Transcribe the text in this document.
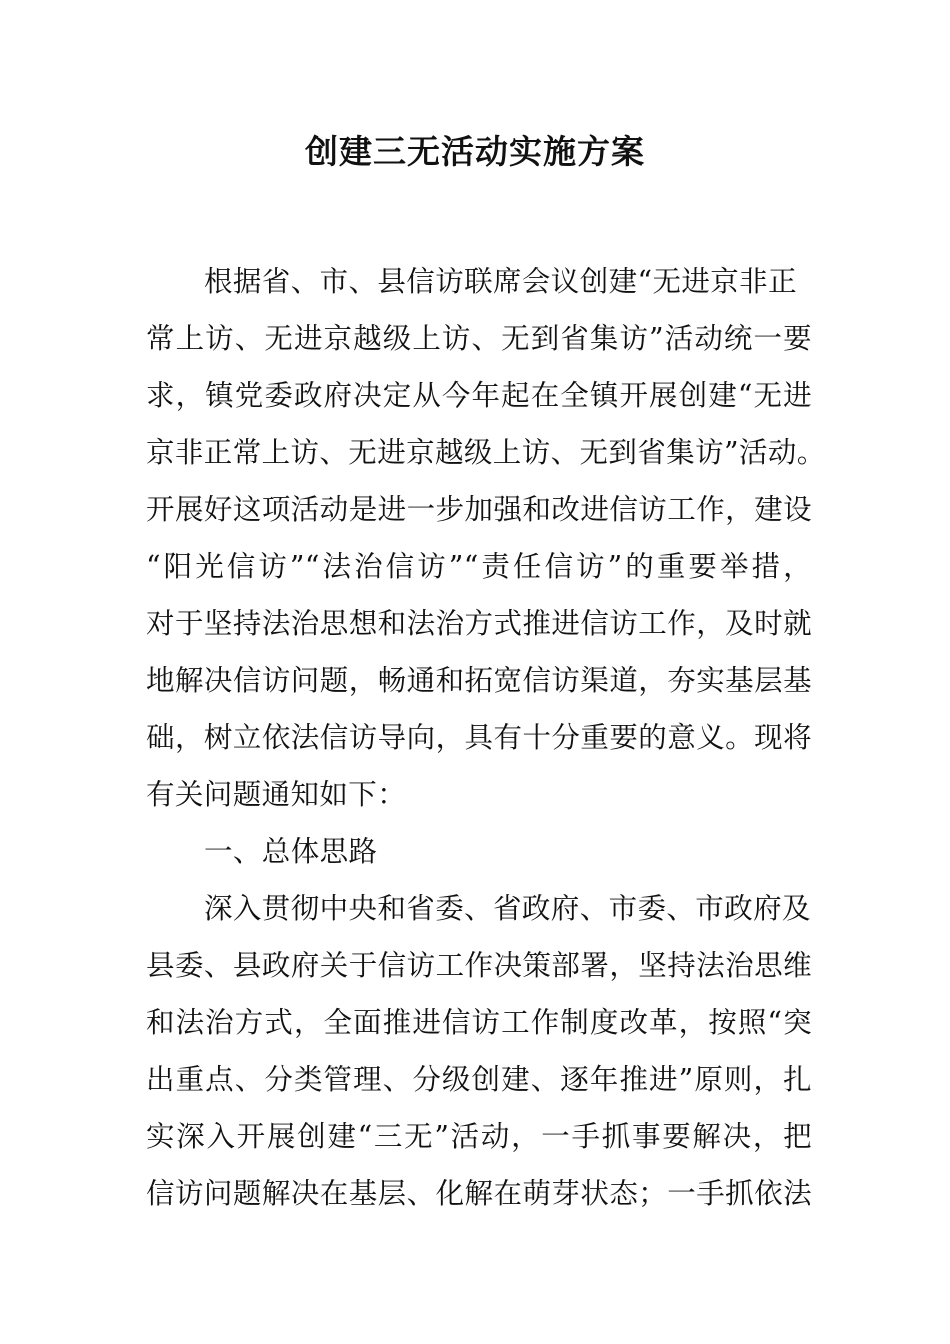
创建三无活动实施方案
根据省、市、县信访联席会议创建“无进京非正
常上访、无进京越级上访、无到省集访”活动统一要
求，镇党委政府决定从今年起在全镇开展创建“无进
京非正常上访、无进京越级上访、无到省集访”活动。
开展好这项活动是进一步加强和改进信访工作，建设
“阳光信访”“法治信访”“责任信访”的重要举措，
对于坚持法治思想和法治方式推进信访工作，及时就
地解决信访问题，畅通和拓宽信访渠道，夯实基层基
础，树立依法信访导向，具有十分重要的意义。现将
有关问题通知如下：
一、总体思路
深入贯彻中央和省委、省政府、市委、市政府及
县委、县政府关于信访工作决策部署，坚持法治思维
和法治方式，全面推进信访工作制度改革，按照“突
出重点、分类管理、分级创建、逐年推进”原则，扎
实深入开展创建“三无”活动，一手抓事要解决，把
信访问题解决在基层、化解在萌芽状态；一手抓依法
